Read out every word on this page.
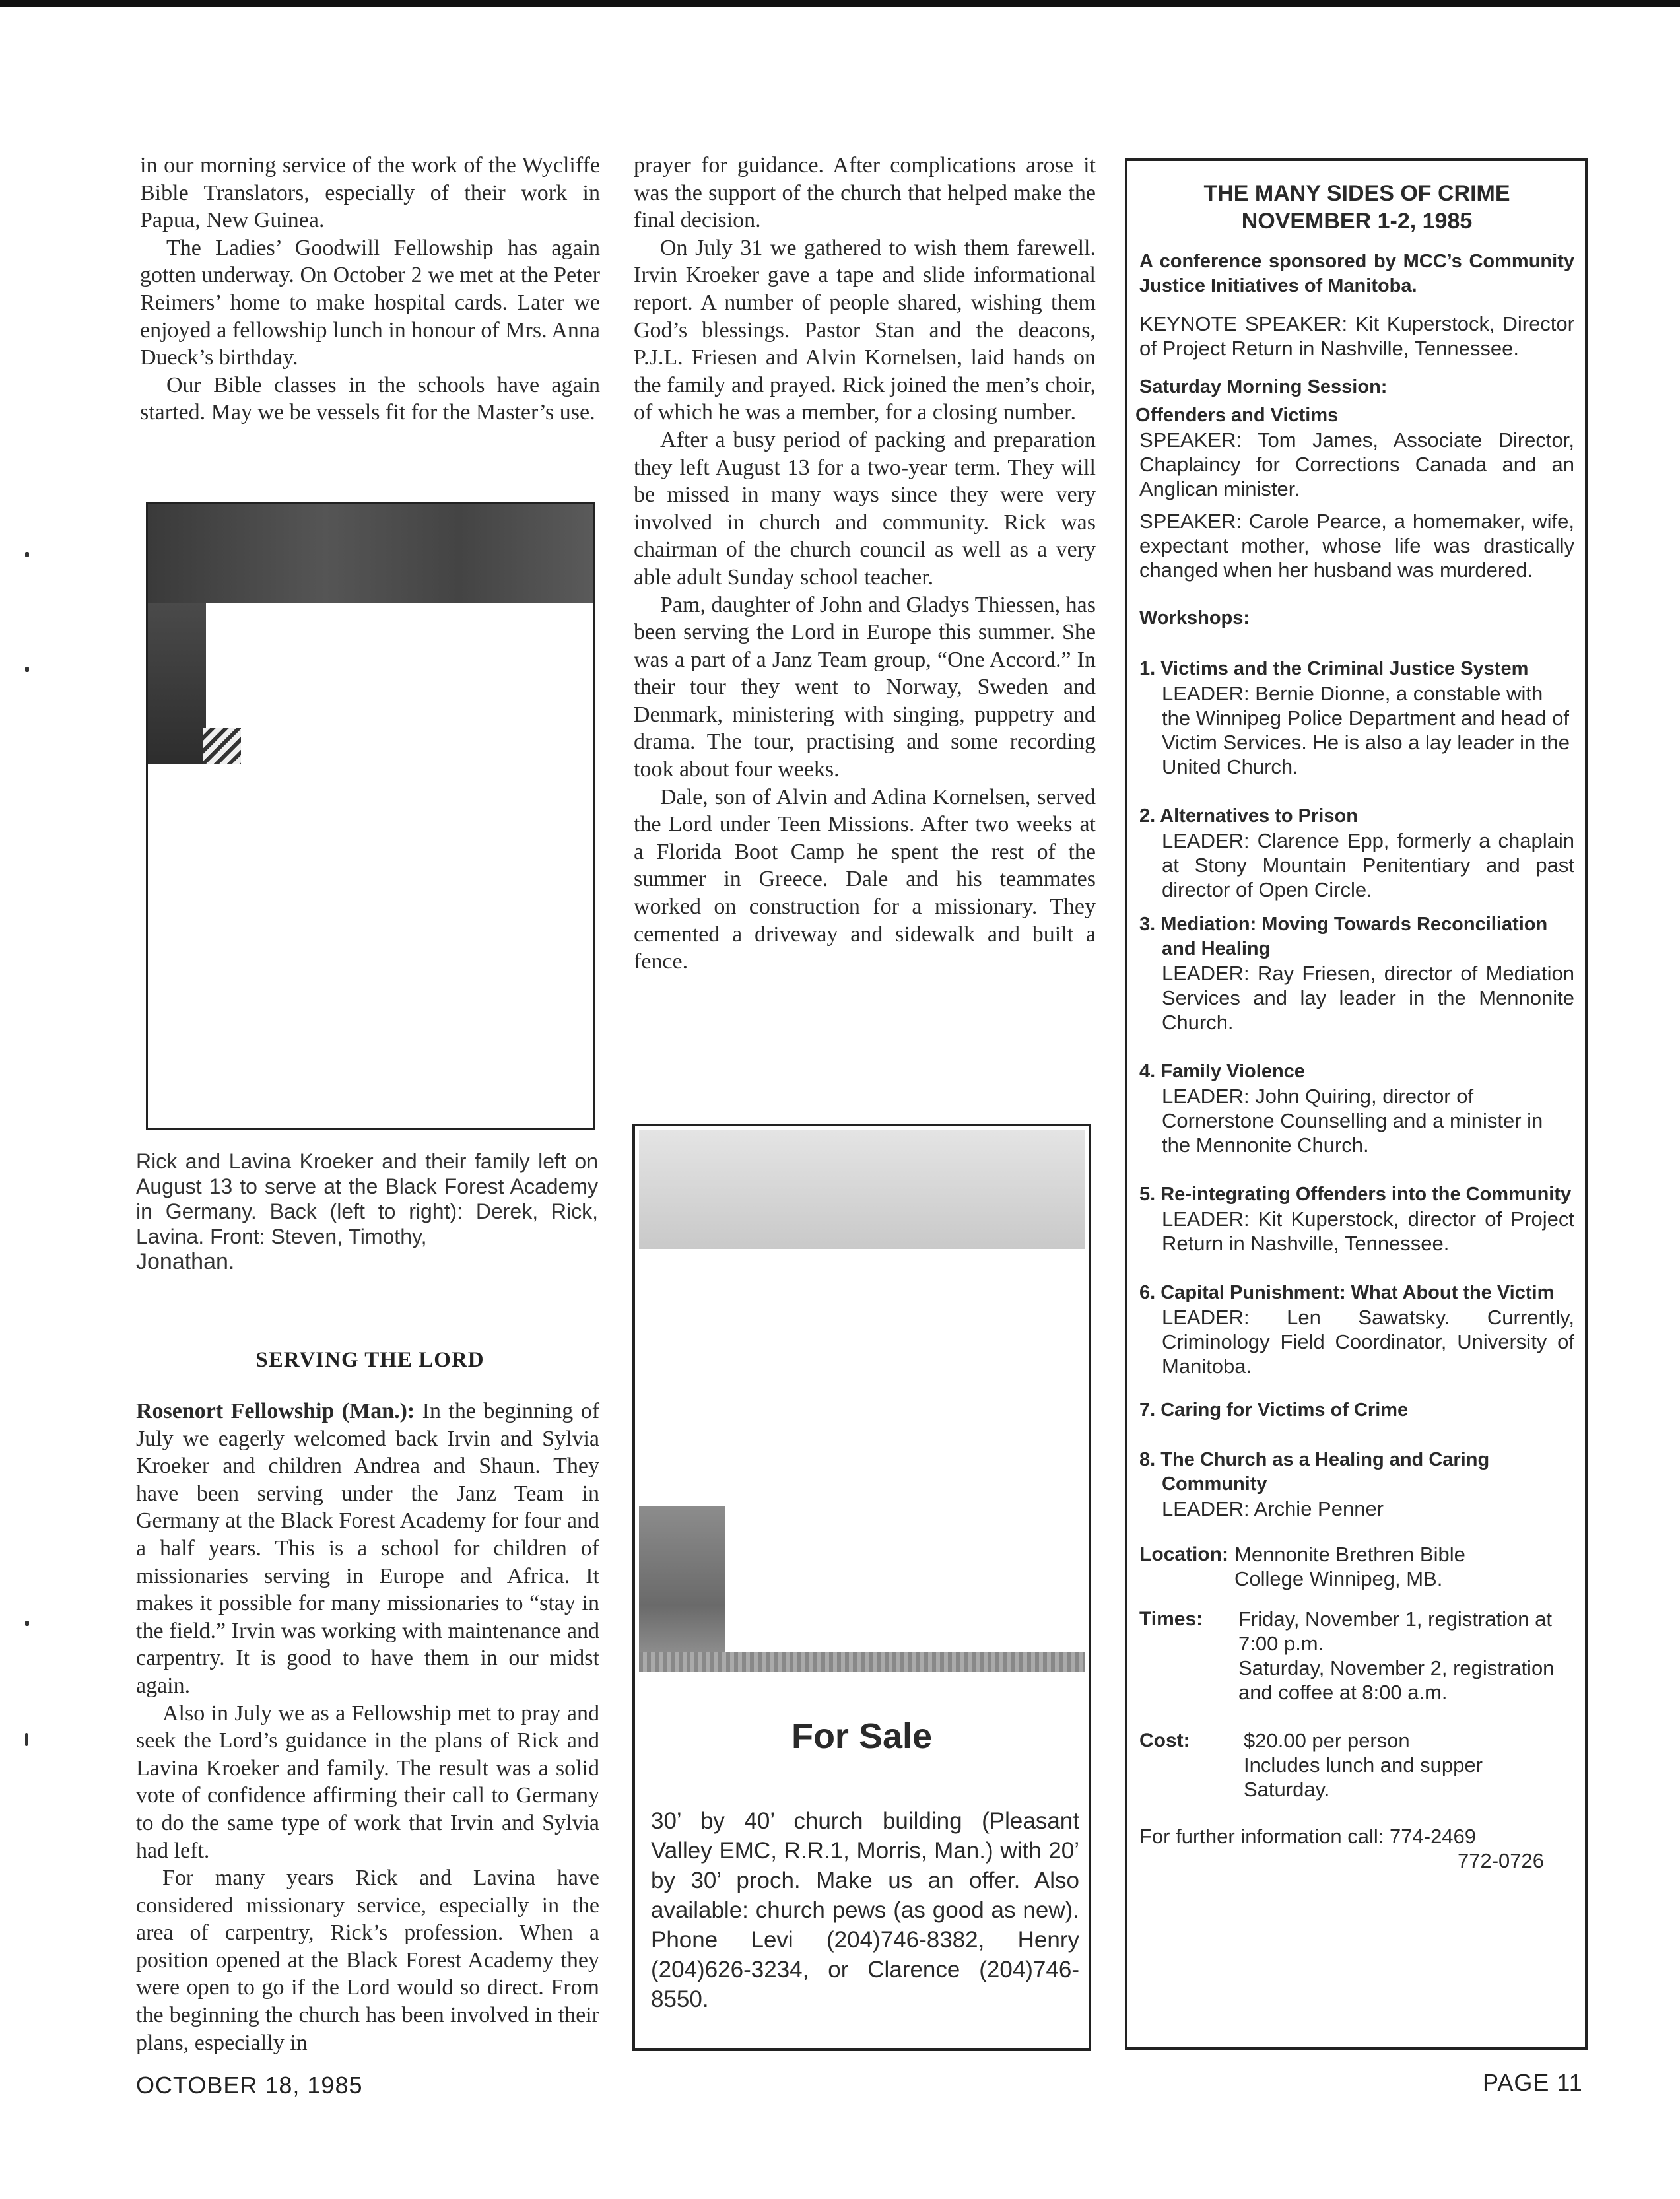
in our morning service of the work of the Wycliffe Bible Translators, especially of their work in Papua, New Guinea.

The Ladies’ Goodwill Fellowship has again gotten underway. On October 2 we met at the Peter Reimers’ home to make hospital cards. Later we enjoyed a fellowship lunch in honour of Mrs. Anna Dueck’s birthday.

Our Bible classes in the schools have again started. May we be vessels fit for the Master’s use.

Rick and Lavina Kroeker and their family left on August 13 to serve at the Black Forest Academy in Germany. Back (left to right): Derek, Rick, Lavina. Front: Steven, Timothy,
Jonathan.
SERVING THE LORD

Rosenort Fellowship (Man.): In the beginning of July we eagerly welcomed back Irvin and Sylvia Kroeker and children Andrea and Shaun. They have been serving under the Janz Team in Germany at the Black Forest Academy for four and a half years. This is a school for children of missionaries serving in Europe and Africa. It makes it possible for many missionaries to “stay in the field.” Irvin was working with maintenance and carpentry. It is good to have them in our midst again.

Also in July we as a Fellowship met to pray and seek the Lord’s guidance in the plans of Rick and Lavina Kroeker and family. The result was a solid vote of confidence affirming their call to Germany to do the same type of work that Irvin and Sylvia had left.

For many years Rick and Lavina have considered missionary service, especially in the area of carpentry, Rick’s profession. When a position opened at the Black Forest Academy they were open to go if the Lord would so direct. From the beginning the church has been involved in their plans, especially in

prayer for guidance. After complications arose it was the support of the church that helped make the final decision.

On July 31 we gathered to wish them farewell. Irvin Kroeker gave a tape and slide informational report. A number of people shared, wishing them God’s blessings. Pastor Stan and the deacons, P.J.L. Friesen and Alvin Kornelsen, laid hands on the family and prayed. Rick joined the men’s choir, of which he was a member, for a closing number.

After a busy period of packing and preparation they left August 13 for a two-year term. They will be missed in many ways since they were very involved in church and community. Rick was chairman of the church council as well as a very able adult Sunday school teacher.

Pam, daughter of John and Gladys Thiessen, has been serving the Lord in Europe this summer. She was a part of a Janz Team group, “One Accord.” In their tour they went to Norway, Sweden and Denmark, ministering with singing, puppetry and drama. The tour, practising and some recording took about four weeks.

Dale, son of Alvin and Adina Kornelsen, served the Lord under Teen Missions. After two weeks at a Florida Boot Camp he spent the rest of the summer in Greece. Dale and his teammates worked on construction for a missionary. They cemented a driveway and sidewalk and built a fence.

For Sale
30’ by 40’ church building (Pleasant Valley EMC, R.R.1, Morris, Man.) with 20’ by 30’ proch. Make us an offer. Also available: church pews (as good as new). Phone Levi (204)746-8382, Henry (204)626-3234, or Clarence (204)746-8550.
THE MANY SIDES OF CRIME
NOVEMBER 1-2, 1985
A conference sponsored by MCC’s Community Justice Initiatives of Manitoba.
KEYNOTE SPEAKER: Kit Kuperstock, Director of Project Return in Nashville, Tennessee.
Saturday Morning Session:
Offenders and Victims
SPEAKER: Tom James, Associate Director, Chaplaincy for Corrections Canada and an Anglican minister.
SPEAKER: Carole Pearce, a homemaker, wife, expectant mother, whose life was drastically changed when her husband was murdered.
Workshops:
1. Victims and the Criminal Justice System
LEADER: Bernie Dionne, a constable with the Winnipeg Police Department and head of Victim Services. He is also a lay leader in the United Church.
2. Alternatives to Prison
LEADER: Clarence Epp, formerly a chaplain at Stony Mountain Penitentiary and past director of Open Circle.
3. Mediation: Moving Towards Reconciliation and Healing
LEADER: Ray Friesen, director of Mediation Services and lay leader in the Mennonite Church.
4. Family Violence
LEADER: John Quiring, director of Cornerstone Counselling and a minister in the Mennonite Church.
5. Re-integrating Offenders into the Community
LEADER: Kit Kuperstock, director of Project Return in Nashville, Tennessee.
6. Capital Punishment: What About the Victim
LEADER: Len Sawatsky. Currently, Criminology Field Coordinator, University of Manitoba.
7. Caring for Victims of Crime
8. The Church as a Healing and Caring Community
LEADER: Archie Penner
Location: Mennonite Brethren Bible College Winnipeg, MB.
Times:	Friday, November 1, registration at 7:00 p.m.
Saturday, November 2, registration and coffee at 8:00 a.m.
Cost:	$20.00 per person
Includes lunch and supper Saturday.
For further information call: 774-2469
772-0726
OCTOBER 18, 1985	PAGE 11
